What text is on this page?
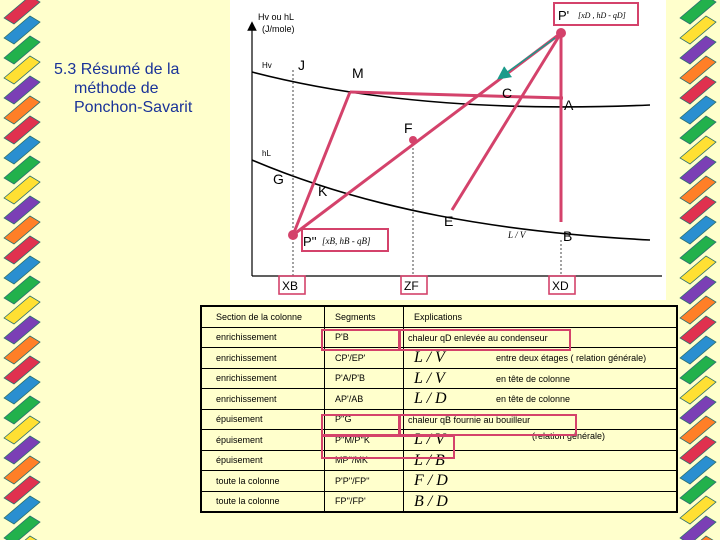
5.3 Résumé de la
méthode de
Ponchon-Savarit
Hv ou hL
(J/mole)
Hv
hL
J	M
C
A
F
G
K
E
B
L / V
P' [xD , hD - qD]
P'' [xB, hB - qB]
XB	ZF	XD
Section de la colonne	Segments	Explications
enrichissement	P'B	chaleur qD enlevée au condenseur

enrichissement	CP'/EP'	L / V entre deux étages ( relation générale)

enrichissement	P'A/P'B	L / V en tête de colonne

enrichissement	AP'/AB	L / D en tête de colonne

épuisement	P''G	chaleur qB fournie au bouilleur

épuisement	P''M/P''K	L / V (relation générale)

épuisement	MP''/MK	L / B

toute la colonne	P'P''/FP''	F / D

toute la colonne	FP''/FP'	B / D
